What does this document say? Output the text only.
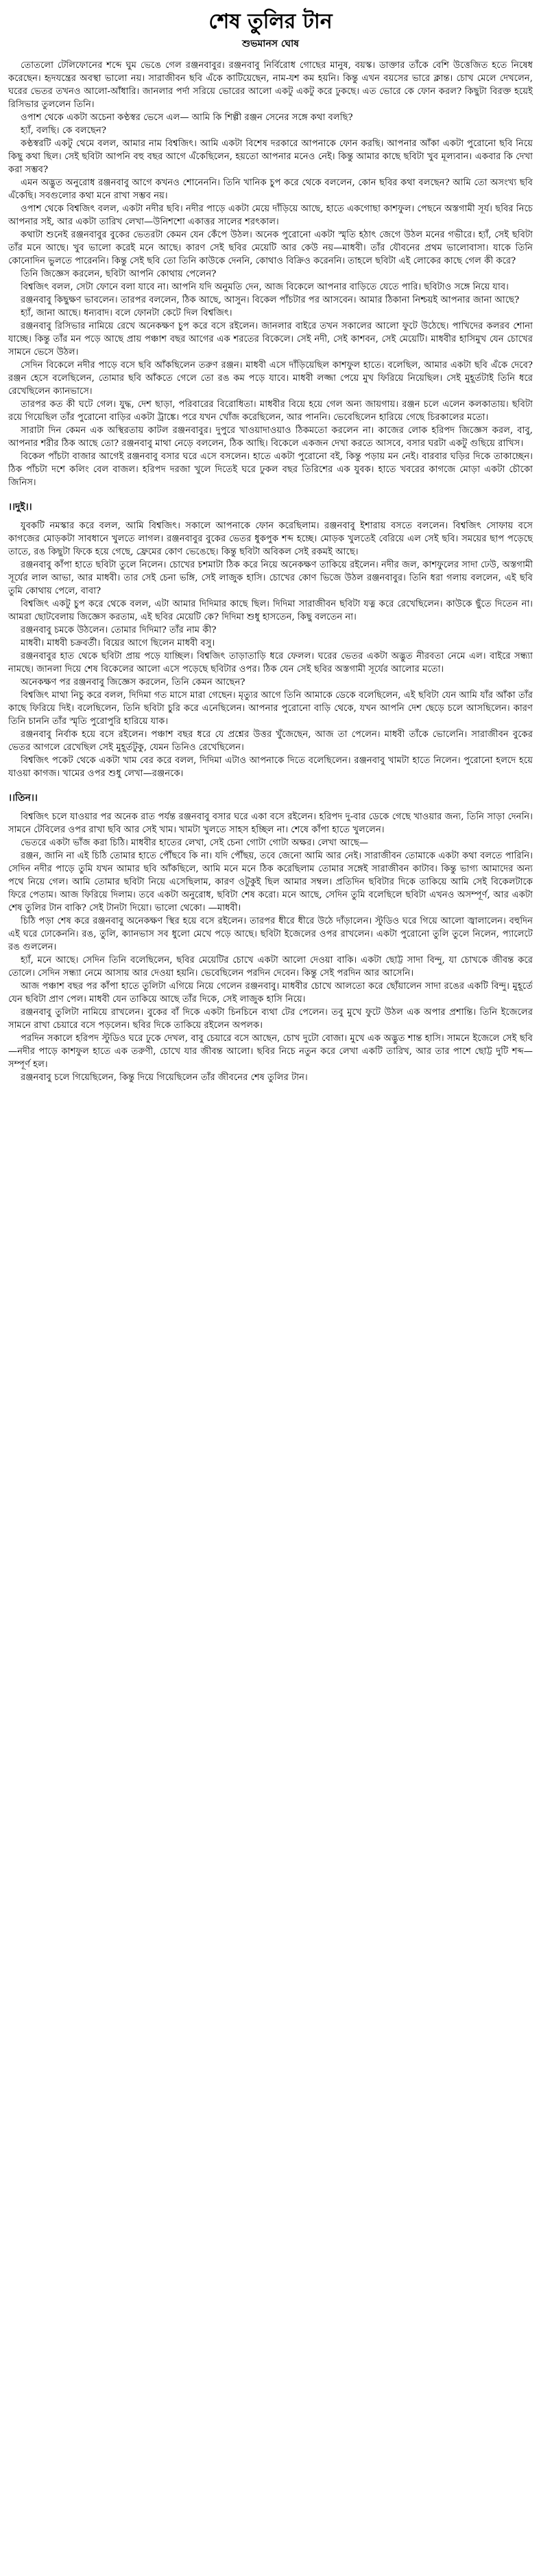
শেষ তুলির টান
শুভমানস ঘোষ

তোতলো টেলিফোনের শব্দে ঘুম ভেঙে গেল রঞ্জনবাবুর। রঞ্জনবাবু নির্বিরোধ গোছের মানুষ, বয়স্ক। ডাক্তার তাঁকে বেশি উত্তেজিত হতে নিষেধ করেছেন। হৃদযন্ত্রের অবস্থা ভালো নয়। সারাজীবন ছবি এঁকে কাটিয়েছেন, নাম-যশ কম হয়নি। কিন্তু এখন বয়সের ভারে ক্লান্ত। চোখ মেলে দেখলেন, ঘরের ভেতর তখনও আলো-আঁধারি। জানলার পর্দা সরিয়ে ভোরের আলো একটু একটু করে ঢুকছে। এত ভোরে কে ফোন করল? কিছুটা বিরক্ত হয়েই রিসিভার তুললেন তিনি।

ওপাশ থেকে একটা অচেনা কণ্ঠস্বর ভেসে এল— আমি কি শিল্পী রঞ্জন সেনের সঙ্গে কথা বলছি?

হ্যাঁ, বলছি। কে বলছেন?

কণ্ঠস্বরটি একটু থেমে বলল, আমার নাম বিশ্বজিৎ। আমি একটা বিশেষ দরকারে আপনাকে ফোন করছি। আপনার আঁকা একটা পুরোনো ছবি নিয়ে কিছু কথা ছিল। সেই ছবিটা আপনি বহু বছর আগে এঁকেছিলেন, হয়তো আপনার মনেও নেই। কিন্তু আমার কাছে ছবিটা খুব মূল্যবান। একবার কি দেখা করা সম্ভব?

এমন অদ্ভুত অনুরোধ রঞ্জনবাবু আগে কখনও শোনেননি। তিনি খানিক চুপ করে থেকে বললেন, কোন ছবির কথা বলছেন? আমি তো অসংখ্য ছবি এঁকেছি। সবগুলোর কথা মনে রাখা সম্ভব নয়।

ওপাশ থেকে বিশ্বজিৎ বলল, একটা নদীর ছবি। নদীর পাড়ে একটা মেয়ে দাঁড়িয়ে আছে, হাতে একগোছা কাশফুল। পেছনে অস্তগামী সূর্য। ছবির নিচে আপনার সই, আর একটা তারিখ লেখা—উনিশশো একাত্তর সালের শরৎকাল।

কথাটা শুনেই রঞ্জনবাবুর বুকের ভেতরটা কেমন যেন কেঁপে উঠল। অনেক পুরোনো একটা স্মৃতি হঠাৎ জেগে উঠল মনের গভীরে। হ্যাঁ, সেই ছবিটা তাঁর মনে আছে। খুব ভালো করেই মনে আছে। কারণ সেই ছবির মেয়েটি আর কেউ নয়—মাধবী। তাঁর যৌবনের প্রথম ভালোবাসা। যাকে তিনি কোনোদিন ভুলতে পারেননি। কিন্তু সেই ছবি তো তিনি কাউকে দেননি, কোথাও বিক্রিও করেননি। তাহলে ছবিটা এই লোকের কাছে গেল কী করে?

তিনি জিজ্ঞেস করলেন, ছবিটা আপনি কোথায় পেলেন?

বিশ্বজিৎ বলল, সেটা ফোনে বলা যাবে না। আপনি যদি অনুমতি দেন, আজ বিকেলে আপনার বাড়িতে যেতে পারি। ছবিটাও সঙ্গে নিয়ে যাব।

রঞ্জনবাবু কিছুক্ষণ ভাবলেন। তারপর বললেন, ঠিক আছে, আসুন। বিকেল পাঁচটার পর আসবেন। আমার ঠিকানা নিশ্চয়ই আপনার জানা আছে?

হ্যাঁ, জানা আছে। ধন্যবাদ। বলে ফোনটা কেটে দিল বিশ্বজিৎ।

রঞ্জনবাবু রিসিভার নামিয়ে রেখে অনেকক্ষণ চুপ করে বসে রইলেন। জানলার বাইরে তখন সকালের আলো ফুটে উঠেছে। পাখিদের কলরব শোনা যাচ্ছে। কিন্তু তাঁর মন পড়ে আছে প্রায় পঞ্চাশ বছর আগের এক শরতের বিকেলে। সেই নদী, সেই কাশবন, সেই মেয়েটি। মাধবীর হাসিমুখ যেন চোখের সামনে ভেসে উঠল।

সেদিন বিকেলে নদীর পাড়ে বসে ছবি আঁকছিলেন তরুণ রঞ্জন। মাধবী এসে দাঁড়িয়েছিল কাশফুল হাতে। বলেছিল, আমার একটা ছবি এঁকে দেবে? রঞ্জন হেসে বলেছিলেন, তোমার ছবি আঁকতে গেলে তো রঙ কম পড়ে যাবে। মাধবী লজ্জা পেয়ে মুখ ফিরিয়ে নিয়েছিল। সেই মুহূর্তটাই তিনি ধরে রেখেছিলেন ক্যানভাসে।

তারপর কত কী ঘটে গেল। যুদ্ধ, দেশ ছাড়া, পরিবারের বিরোধিতা। মাধবীর বিয়ে হয়ে গেল অন্য জায়গায়। রঞ্জন চলে এলেন কলকাতায়। ছবিটা রয়ে গিয়েছিল তাঁর পুরোনো বাড়ির একটা ট্রাঙ্কে। পরে যখন খোঁজ করেছিলেন, আর পাননি। ভেবেছিলেন হারিয়ে গেছে চিরকালের মতো।

সারাটা দিন কেমন এক অস্থিরতায় কাটল রঞ্জনবাবুর। দুপুরে খাওয়াদাওয়াও ঠিকমতো করলেন না। কাজের লোক হরিপদ জিজ্ঞেস করল, বাবু, আপনার শরীর ঠিক আছে তো? রঞ্জনবাবু মাথা নেড়ে বললেন, ঠিক আছি। বিকেলে একজন দেখা করতে আসবে, বসার ঘরটা একটু গুছিয়ে রাখিস।

বিকেল পাঁচটা বাজার আগেই রঞ্জনবাবু বসার ঘরে এসে বসলেন। হাতে একটা পুরোনো বই, কিন্তু পড়ায় মন নেই। বারবার ঘড়ির দিকে তাকাচ্ছেন। ঠিক পাঁচটা দশে কলিং বেল বাজল। হরিপদ দরজা খুলে দিতেই ঘরে ঢুকল বছর তিরিশের এক যুবক। হাতে খবরের কাগজে মোড়া একটা চৌকো জিনিস।

।।দুই।।

যুবকটি নমস্কার করে বলল, আমি বিশ্বজিৎ। সকালে আপনাকে ফোন করেছিলাম। রঞ্জনবাবু ইশারায় বসতে বললেন। বিশ্বজিৎ সোফায় বসে কাগজের মোড়কটা সাবধানে খুলতে লাগল। রঞ্জনবাবুর বুকের ভেতর ধুকপুক শব্দ হচ্ছে। মোড়ক খুলতেই বেরিয়ে এল সেই ছবি। সময়ের ছাপ পড়েছে তাতে, রঙ কিছুটা ফিকে হয়ে গেছে, ফ্রেমের কোণ ভেঙেছে। কিন্তু ছবিটা অবিকল সেই রকমই আছে।

রঞ্জনবাবু কাঁপা হাতে ছবিটা তুলে নিলেন। চোখের চশমাটা ঠিক করে নিয়ে অনেকক্ষণ তাকিয়ে রইলেন। নদীর জল, কাশফুলের সাদা ঢেউ, অস্তগামী সূর্যের লাল আভা, আর মাধবী। তার সেই চেনা ভঙ্গি, সেই লাজুক হাসি। চোখের কোণ ভিজে উঠল রঞ্জনবাবুর। তিনি ধরা গলায় বললেন, এই ছবি তুমি কোথায় পেলে, বাবা?

বিশ্বজিৎ একটু চুপ করে থেকে বলল, এটা আমার দিদিমার কাছে ছিল। দিদিমা সারাজীবন ছবিটা যত্ন করে রেখেছিলেন। কাউকে ছুঁতে দিতেন না। আমরা ছোটবেলায় জিজ্ঞেস করতাম, এই ছবির মেয়েটি কে? দিদিমা শুধু হাসতেন, কিছু বলতেন না।

রঞ্জনবাবু চমকে উঠলেন। তোমার দিদিমা? তাঁর নাম কী?

মাধবী। মাধবী চক্রবর্তী। বিয়ের আগে ছিলেন মাধবী বসু।

রঞ্জনবাবুর হাত থেকে ছবিটা প্রায় পড়ে যাচ্ছিল। বিশ্বজিৎ তাড়াতাড়ি ধরে ফেলল। ঘরের ভেতর একটা অদ্ভুত নীরবতা নেমে এল। বাইরে সন্ধ্যা নামছে। জানলা দিয়ে শেষ বিকেলের আলো এসে পড়েছে ছবিটার ওপর। ঠিক যেন সেই ছবির অস্তগামী সূর্যের আলোর মতো।

অনেকক্ষণ পর রঞ্জনবাবু জিজ্ঞেস করলেন, তিনি কেমন আছেন?

বিশ্বজিৎ মাথা নিচু করে বলল, দিদিমা গত মাসে মারা গেছেন। মৃত্যুর আগে তিনি আমাকে ডেকে বলেছিলেন, এই ছবিটা যেন আমি যাঁর আঁকা তাঁর কাছে ফিরিয়ে দিই। বলেছিলেন, তিনি ছবিটা চুরি করে এনেছিলেন। আপনার পুরোনো বাড়ি থেকে, যখন আপনি দেশ ছেড়ে চলে আসছিলেন। কারণ তিনি চাননি তাঁর স্মৃতি পুরোপুরি হারিয়ে যাক।

রঞ্জনবাবু নির্বাক হয়ে বসে রইলেন। পঞ্চাশ বছর ধরে যে প্রশ্নের উত্তর খুঁজেছেন, আজ তা পেলেন। মাধবী তাঁকে ভোলেনি। সারাজীবন বুকের ভেতর আগলে রেখেছিল সেই মুহূর্তটুকু, যেমন তিনিও রেখেছিলেন।

বিশ্বজিৎ পকেট থেকে একটা খাম বের করে বলল, দিদিমা এটাও আপনাকে দিতে বলেছিলেন। রঞ্জনবাবু খামটা হাতে নিলেন। পুরোনো হলদে হয়ে যাওয়া কাগজ। খামের ওপর শুধু লেখা—রঞ্জনকে।

।।তিন।।

বিশ্বজিৎ চলে যাওয়ার পর অনেক রাত পর্যন্ত রঞ্জনবাবু বসার ঘরে একা বসে রইলেন। হরিপদ দু-বার ডেকে গেছে খাওয়ার জন্য, তিনি সাড়া দেননি। সামনে টেবিলের ওপর রাখা ছবি আর সেই খাম। খামটা খুলতে সাহস হচ্ছিল না। শেষে কাঁপা হাতে খুললেন।

ভেতরে একটা ভাঁজ করা চিঠি। মাধবীর হাতের লেখা, সেই চেনা গোটা গোটা অক্ষর। লেখা আছে—

রঞ্জন, জানি না এই চিঠি তোমার হাতে পৌঁছবে কি না। যদি পৌঁছয়, তবে জেনো আমি আর নেই। সারাজীবন তোমাকে একটা কথা বলতে পারিনি। সেদিন নদীর পাড়ে তুমি যখন আমার ছবি আঁকছিলে, আমি মনে মনে ঠিক করেছিলাম তোমার সঙ্গেই সারাজীবন কাটাব। কিন্তু ভাগ্য আমাদের অন্য পথে নিয়ে গেল। আমি তোমার ছবিটা নিয়ে এসেছিলাম, কারণ ওটুকুই ছিল আমার সম্বল। প্রতিদিন ছবিটার দিকে তাকিয়ে আমি সেই বিকেলটাকে ফিরে পেতাম। আজ ফিরিয়ে দিলাম। তবে একটা অনুরোধ, ছবিটা শেষ করো। মনে আছে, সেদিন তুমি বলেছিলে ছবিটা এখনও অসম্পূর্ণ, আর একটা শেষ তুলির টান বাকি? সেই টানটা দিয়ো। ভালো থেকো। —মাধবী।

চিঠি পড়া শেষ করে রঞ্জনবাবু অনেকক্ষণ স্থির হয়ে বসে রইলেন। তারপর ধীরে ধীরে উঠে দাঁড়ালেন। স্টুডিও ঘরে গিয়ে আলো জ্বালালেন। বহুদিন এই ঘরে ঢোকেননি। রঙ, তুলি, ক্যানভাস সব ধুলো মেখে পড়ে আছে। ছবিটা ইজেলের ওপর রাখলেন। একটা পুরোনো তুলি তুলে নিলেন, প্যালেটে রঙ গুললেন।

হ্যাঁ, মনে আছে। সেদিন তিনি বলেছিলেন, ছবির মেয়েটির চোখে একটা আলো দেওয়া বাকি। একটা ছোট্ট সাদা বিন্দু, যা চোখকে জীবন্ত করে তোলে। সেদিন সন্ধ্যা নেমে আসায় আর দেওয়া হয়নি। ভেবেছিলেন পরদিন দেবেন। কিন্তু সেই পরদিন আর আসেনি।

আজ পঞ্চাশ বছর পর কাঁপা হাতে তুলিটা এগিয়ে নিয়ে গেলেন রঞ্জনবাবু। মাধবীর চোখে আলতো করে ছোঁয়ালেন সাদা রঙের একটি বিন্দু। মুহূর্তে যেন ছবিটা প্রাণ পেল। মাধবী যেন তাকিয়ে আছে তাঁর দিকে, সেই লাজুক হাসি নিয়ে।

রঞ্জনবাবু তুলিটা নামিয়ে রাখলেন। বুকের বাঁ দিকে একটা চিনচিনে ব্যথা টের পেলেন। তবু মুখে ফুটে উঠল এক অপার প্রশান্তি। তিনি ইজেলের সামনে রাখা চেয়ারে বসে পড়লেন। ছবির দিকে তাকিয়ে রইলেন অপলক।

পরদিন সকালে হরিপদ স্টুডিও ঘরে ঢুকে দেখল, বাবু চেয়ারে বসে আছেন, চোখ দুটো বোজা। মুখে এক অদ্ভুত শান্ত হাসি। সামনে ইজেলে সেই ছবি—নদীর পাড়ে কাশফুল হাতে এক তরুণী, চোখে যার জীবন্ত আলো। ছবির নিচে নতুন করে লেখা একটি তারিখ, আর তার পাশে ছোট্ট দুটি শব্দ—সম্পূর্ণ হল।

রঞ্জনবাবু চলে গিয়েছিলেন, কিন্তু দিয়ে গিয়েছিলেন তাঁর জীবনের শেষ তুলির টান।
